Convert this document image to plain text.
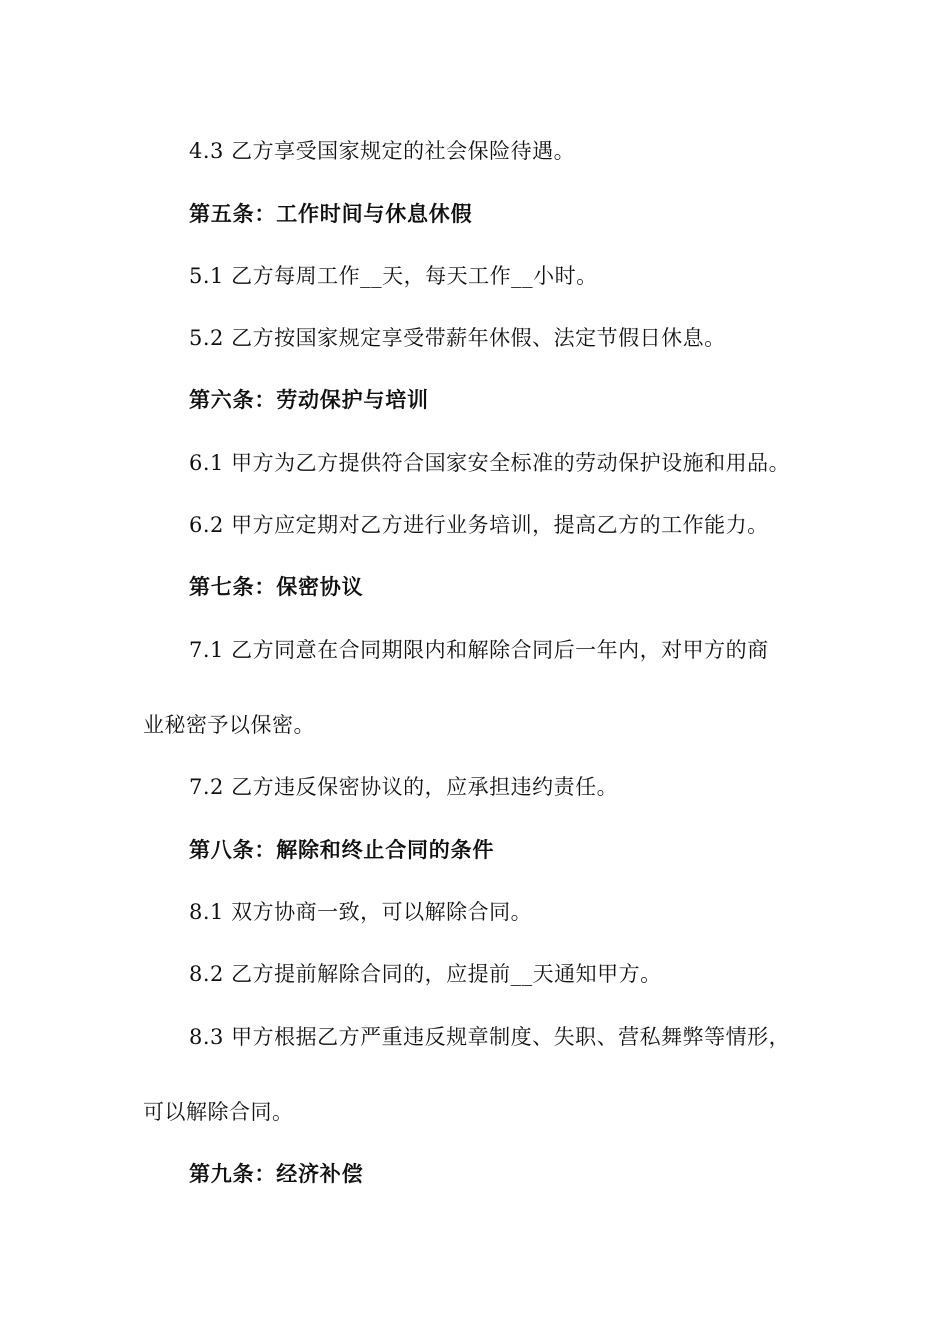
4.3 乙方享受国家规定的社会保险待遇。
第五条：工作时间与休息休假
5.1 乙方每周工作__天，每天工作__小时。
5.2 乙方按国家规定享受带薪年休假、法定节假日休息。
第六条：劳动保护与培训
6.1 甲方为乙方提供符合国家安全标准的劳动保护设施和用品。
6.2 甲方应定期对乙方进行业务培训，提高乙方的工作能力。
第七条：保密协议
7.1 乙方同意在合同期限内和解除合同后一年内，对甲方的商
业秘密予以保密。
7.2 乙方违反保密协议的，应承担违约责任。
第八条：解除和终止合同的条件
8.1 双方协商一致，可以解除合同。
8.2 乙方提前解除合同的，应提前__天通知甲方。
8.3 甲方根据乙方严重违反规章制度、失职、营私舞弊等情形，
可以解除合同。
第九条：经济补偿
